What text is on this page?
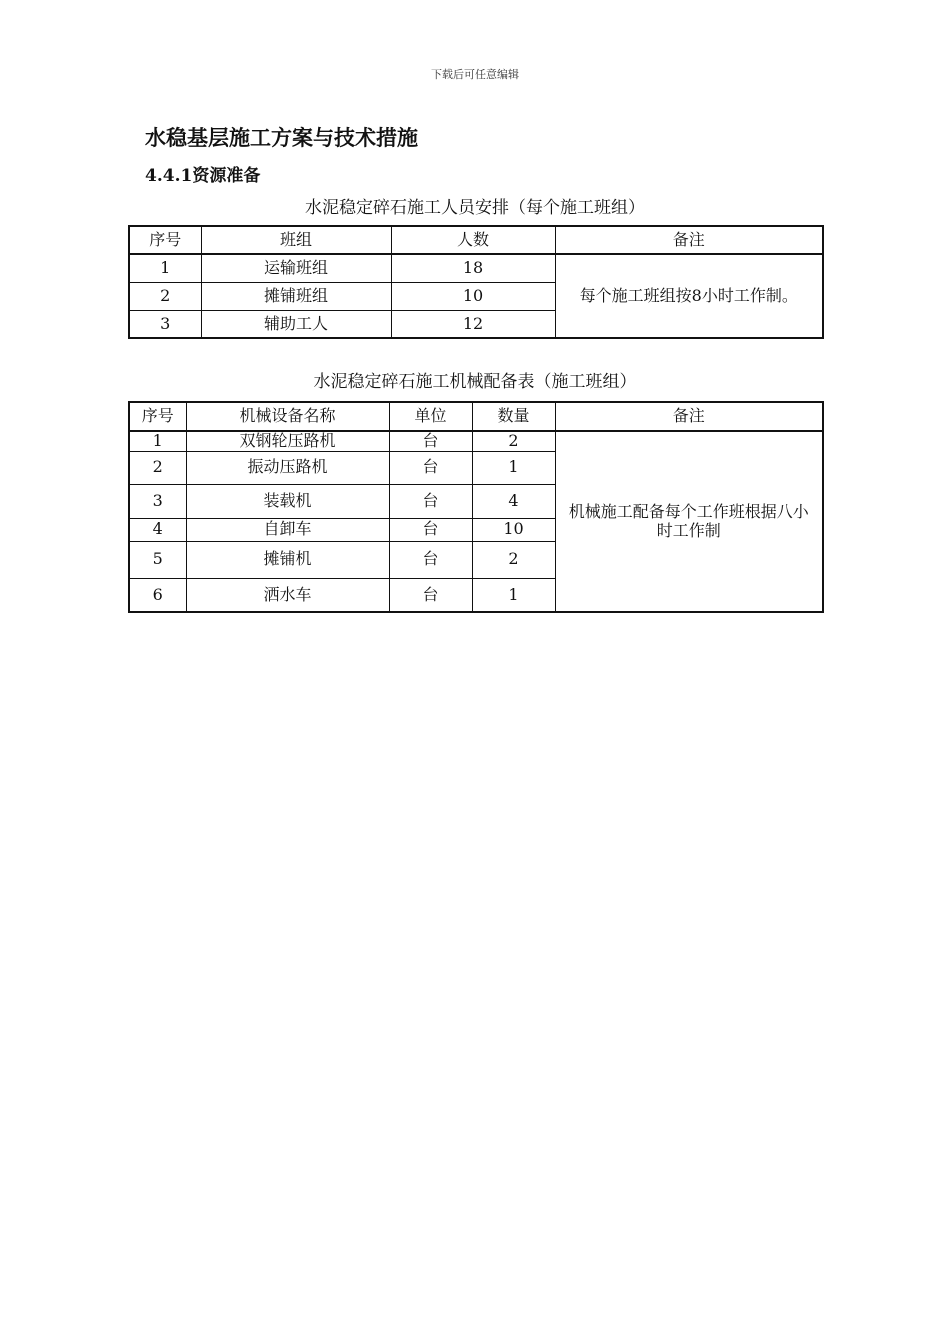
下载后可任意编辑
水稳基层施工方案与技术措施
4.4.1资源准备
水泥稳定碎石施工人员安排（每个施工班组）
序号	班组	人数	备注
1	运输班组	18	每个施工班组按8小时工作制。
2	摊铺班组	10	
3	辅助工人	12	
水泥稳定碎石施工机械配备表（施工班组）
序号	机械设备名称	单位	数量	备注
1	双钢轮压路机	台	2	机械施工配备每个工作班根据八小时工作制
2	振动压路机	台	1	
3	装载机	台	4	
4	自卸车	台	10	
5	摊铺机	台	2	
6	洒水车	台	1	
